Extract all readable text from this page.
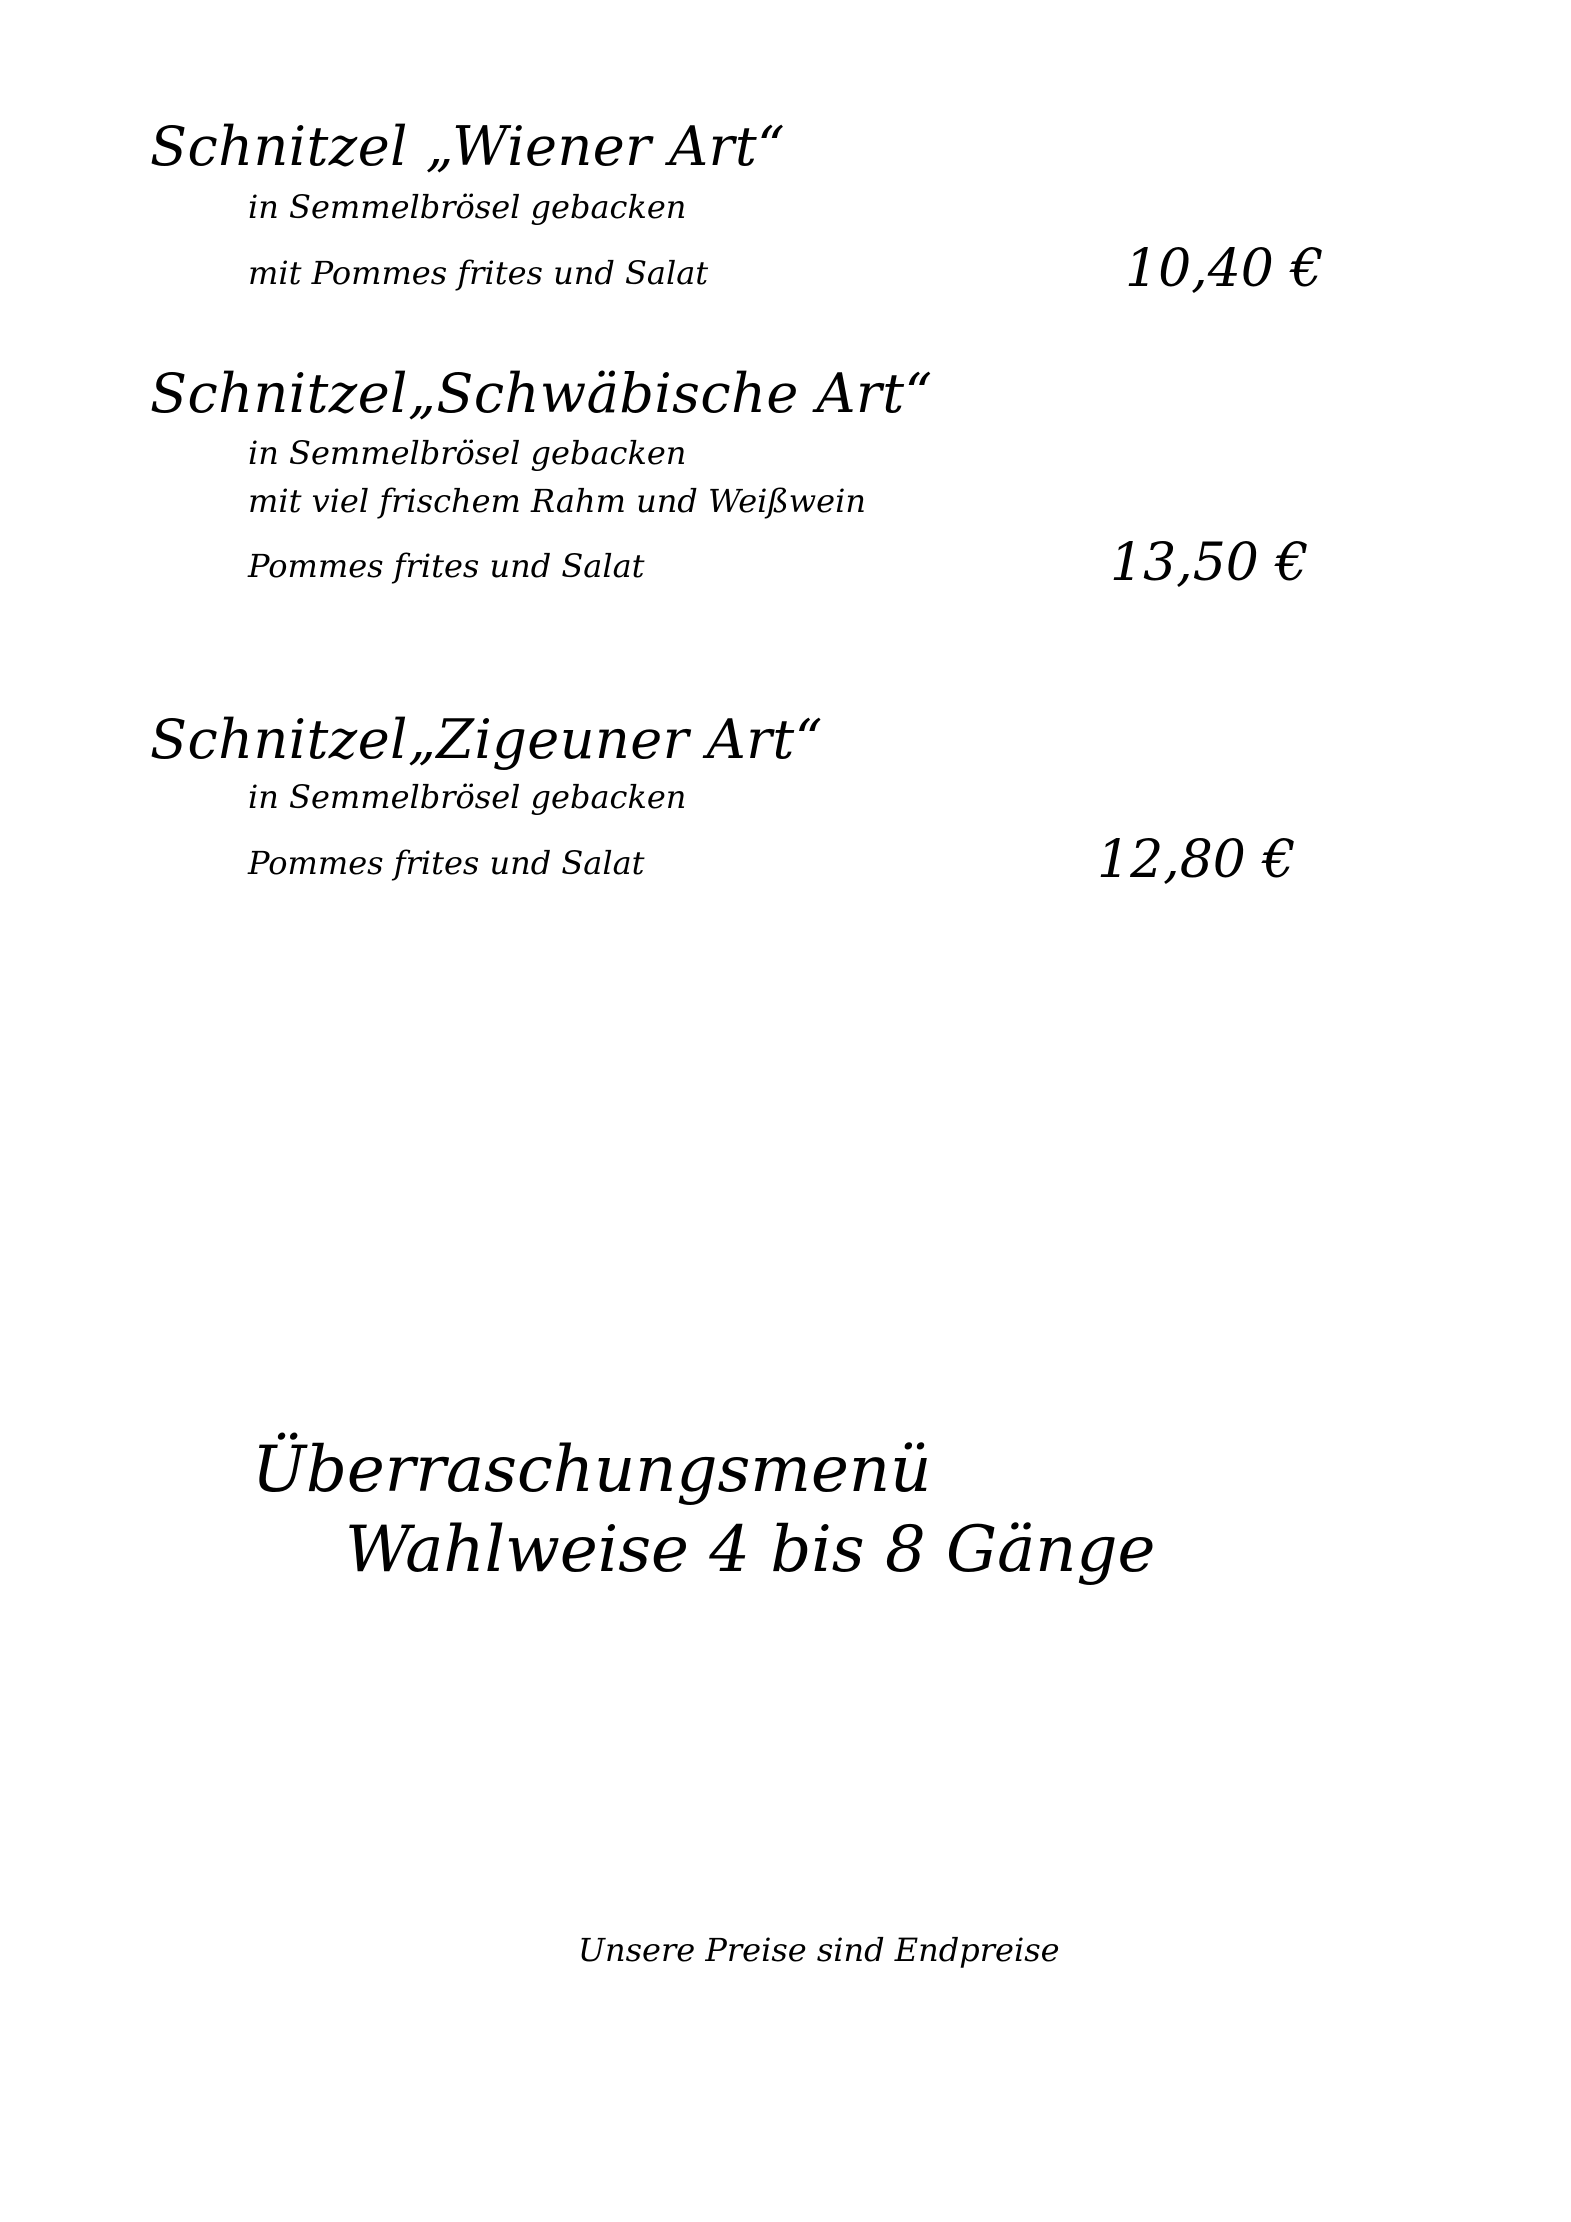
Schnitzel „Wiener Art“
in Semmelbrösel gebacken
mit Pommes frites und Salat	10,40 €
Schnitzel„Schwäbische Art“
in Semmelbrösel gebacken
mit viel frischem Rahm und Weißwein
Pommes frites und Salat	13,50 €
Schnitzel„Zigeuner Art“
in Semmelbrösel gebacken
Pommes frites und Salat	12,80 €
Überraschungsmenü
Wahlweise 4 bis 8 Gänge
Unsere Preise sind Endpreise
